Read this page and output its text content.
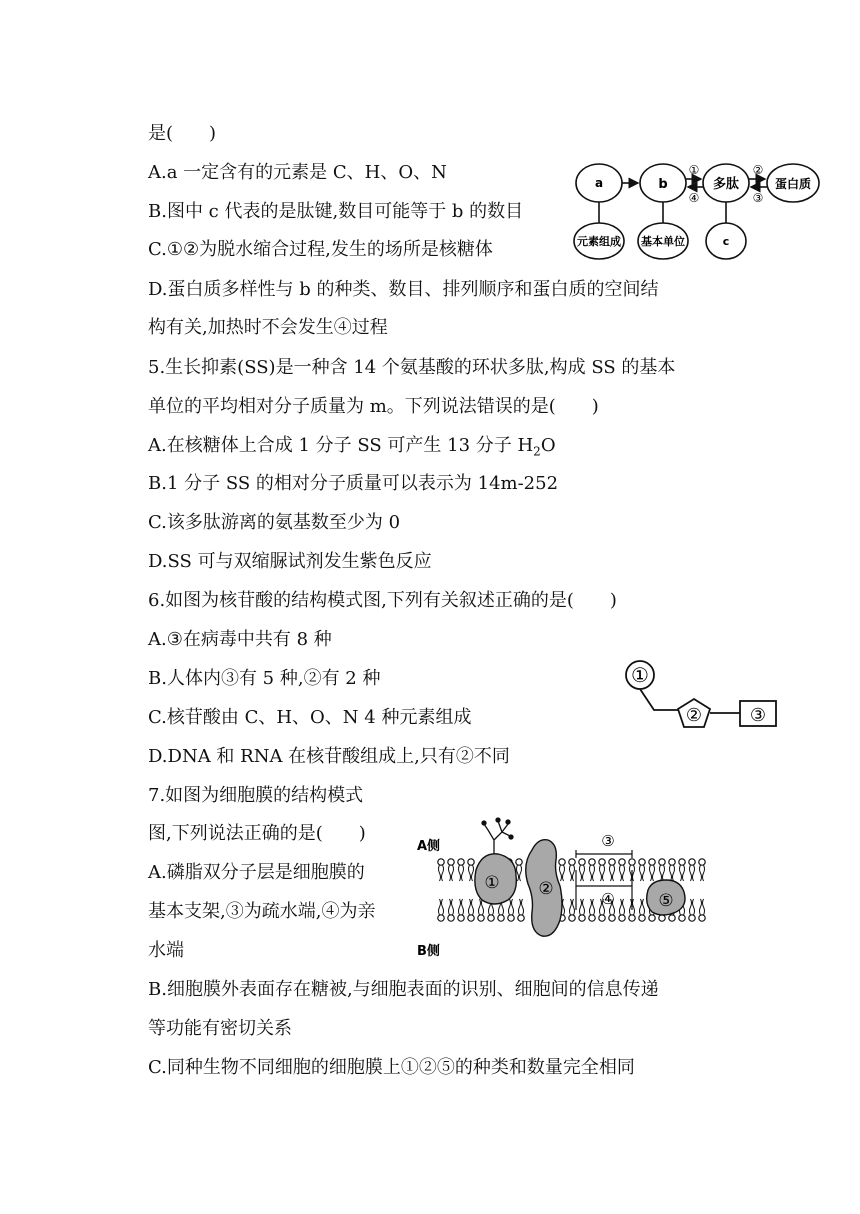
是(　　)
A.a 一定含有的元素是 C、H、O、N
B.图中 c 代表的是肽键,数目可能等于 b 的数目
C.①②为脱水缩合过程,发生的场所是核糖体
D.蛋白质多样性与 b 的种类、数目、排列顺序和蛋白质的空间结
构有关,加热时不会发生④过程
a	b	多肽	蛋白质
元素组成 基本单位	c
①
④
②
③
5.生长抑素(SS)是一种含 14 个氨基酸的环状多肽,构成 SS 的基本
单位的平均相对分子质量为 m。下列说法错误的是(　　)
A.在核糖体上合成 1 分子 SS 可产生 13 分子 $H_2O$
B.1 分子 SS 的相对分子质量可以表示为 14m-252
C.该多肽游离的氨基数至少为 0
D.SS 可与双缩脲试剂发生紫色反应
6.如图为核苷酸的结构模式图,下列有关叙述正确的是(　　)
A.③在病毒中共有 8 种
B.人体内③有 5 种,②有 2 种
C.核苷酸由 C、H、O、N 4 种元素组成
D.DNA 和 RNA 在核苷酸组成上,只有②不同
①
②	③
7.如图为细胞膜的结构模式
图,下列说法正确的是(　　)
A.磷脂双分子层是细胞膜的
基本支架,③为疏水端,④为亲
水端
B.细胞膜外表面存在糖被,与细胞表面的识别、细胞间的信息传递
等功能有密切关系
C.同种生物不同细胞的细胞膜上①②⑤的种类和数量完全相同
A侧
B侧
① ②
③
④	⑤
